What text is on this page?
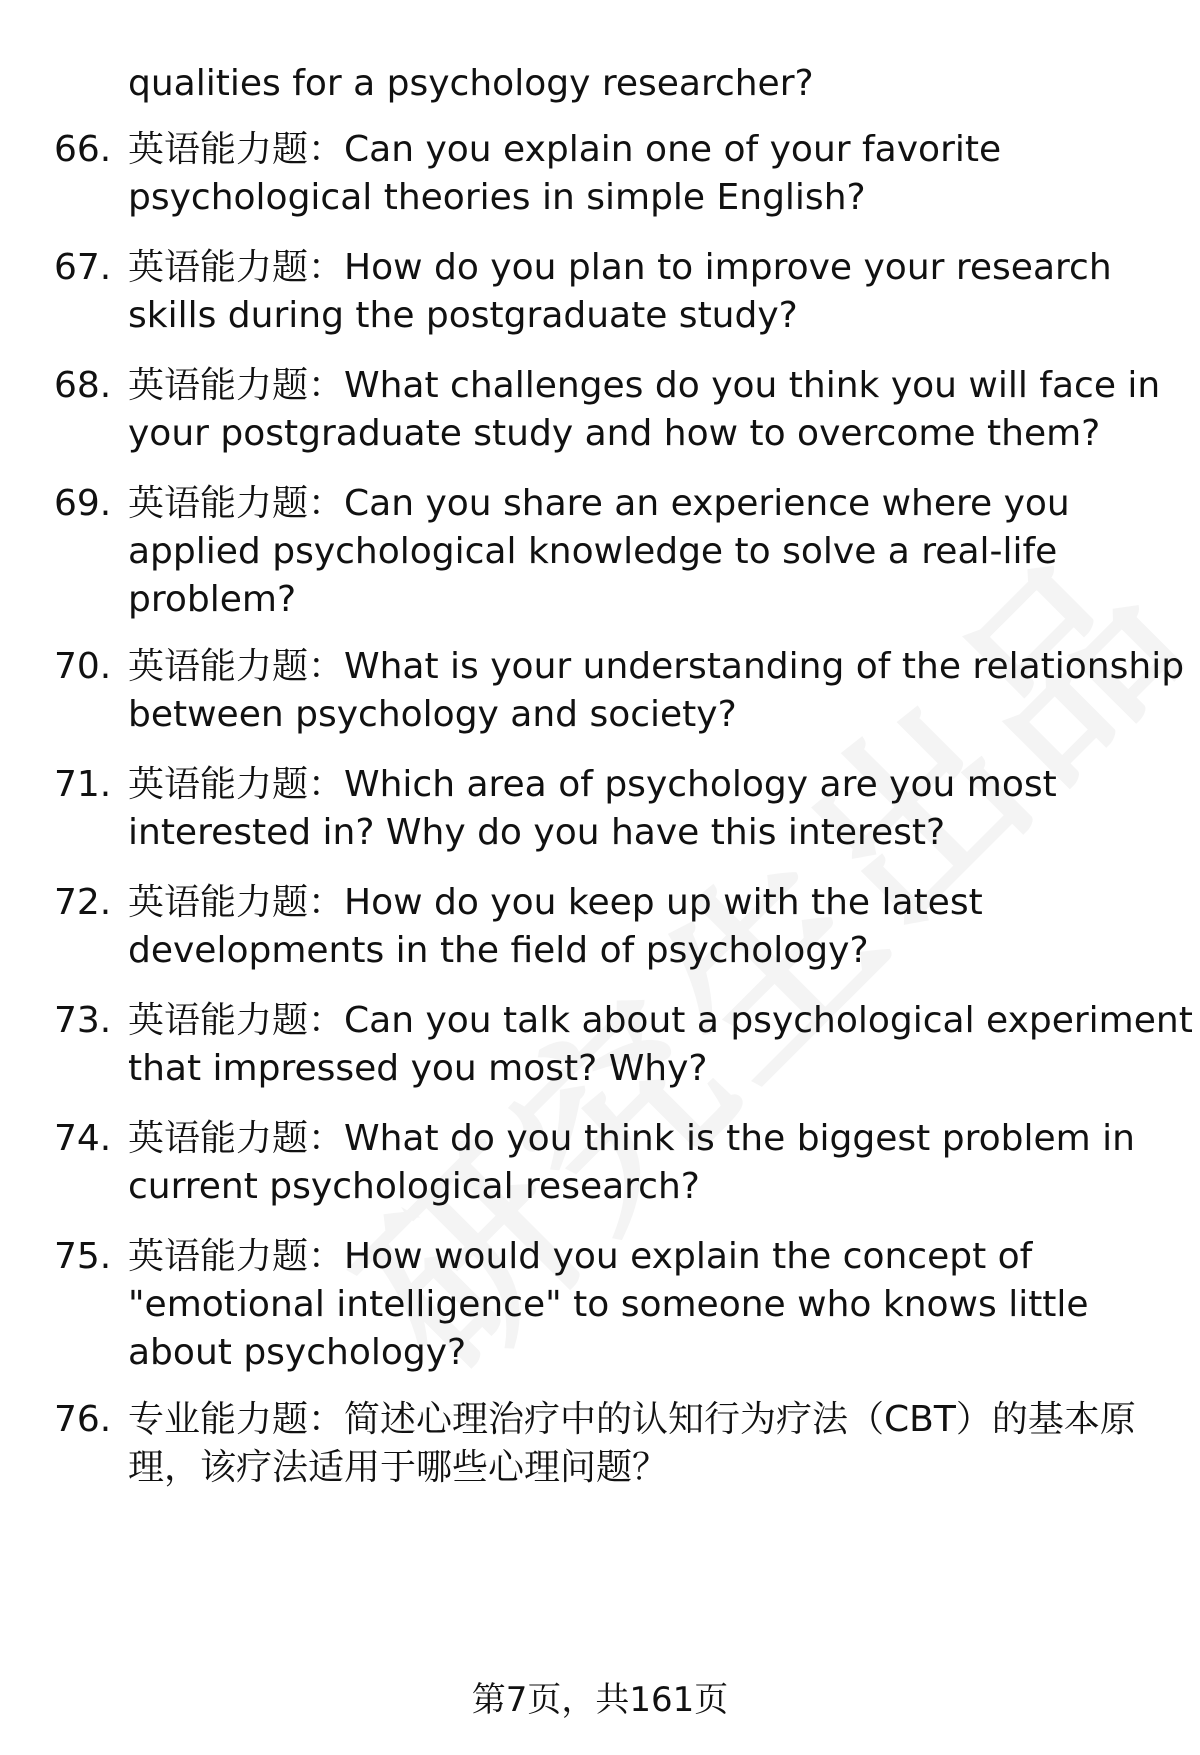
qualities for a psychology researcher?
66. 英语能力题：Can you explain one of your favorite
psychological theories in simple English?
67. 英语能力题：How do you plan to improve your research
skills during the postgraduate study?
68. 英语能力题：What challenges do you think you will face in
your postgraduate study and how to overcome them?
69. 英语能力题：Can you share an experience where you
applied psychological knowledge to solve a real-life
problem?
70. 英语能力题：What is your understanding of the relationship
between psychology and society?
71. 英语能力题：Which area of psychology are you most
interested in? Why do you have this interest?
72. 英语能力题：How do you keep up with the latest
developments in the field of psychology?
73. 英语能力题：Can you talk about a psychological experiment
that impressed you most? Why?
74. 英语能力题：What do you think is the biggest problem in
current psychological research?
75. 英语能力题：How would you explain the concept of
"emotional intelligence" to someone who knows little
about psychology?
76. 专业能力题：简述心理治疗中的认知行为疗法（CBT）的基本原
理，该疗法适用于哪些心理问题？
第7页，共161页
